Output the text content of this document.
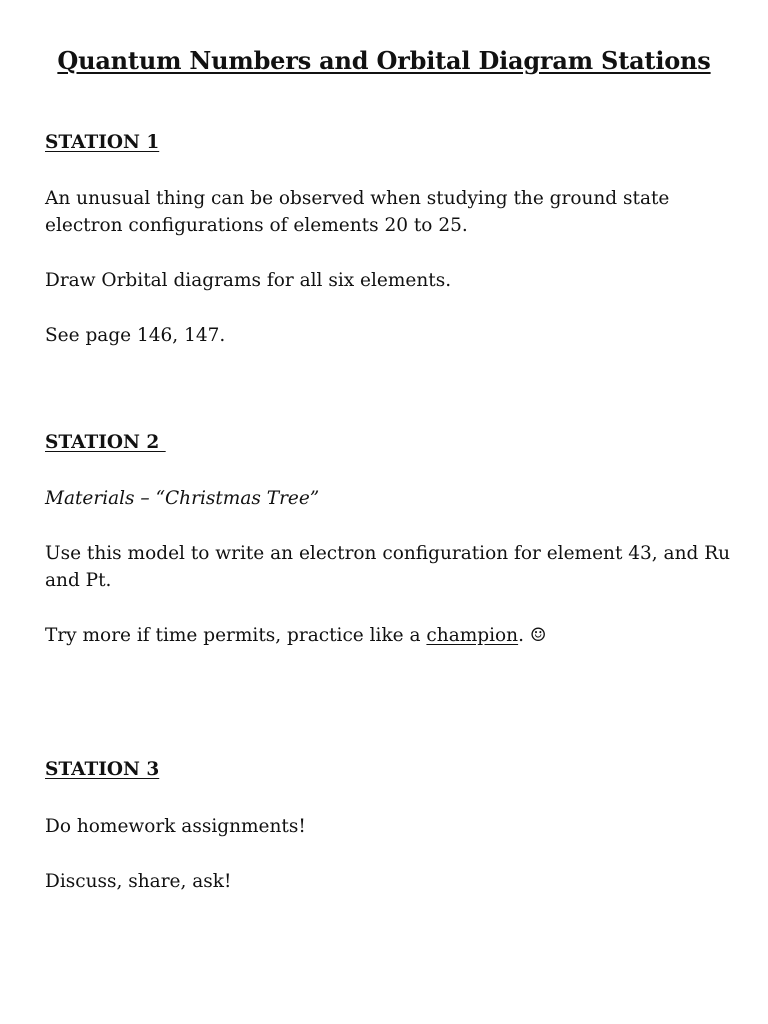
Quantum Numbers and Orbital Diagram Stations
STATION 1

An unusual thing can be observed when studying the ground state electron configurations of elements 20 to 25.

Draw Orbital diagrams for all six elements.

See page 146, 147.

STATION 2

Materials – “Christmas Tree”

Use this model to write an electron configuration for element 43, and Ru and Pt.

Try more if time permits, practice like a champion. ☺

STATION 3

Do homework assignments!

Discuss, share, ask!
